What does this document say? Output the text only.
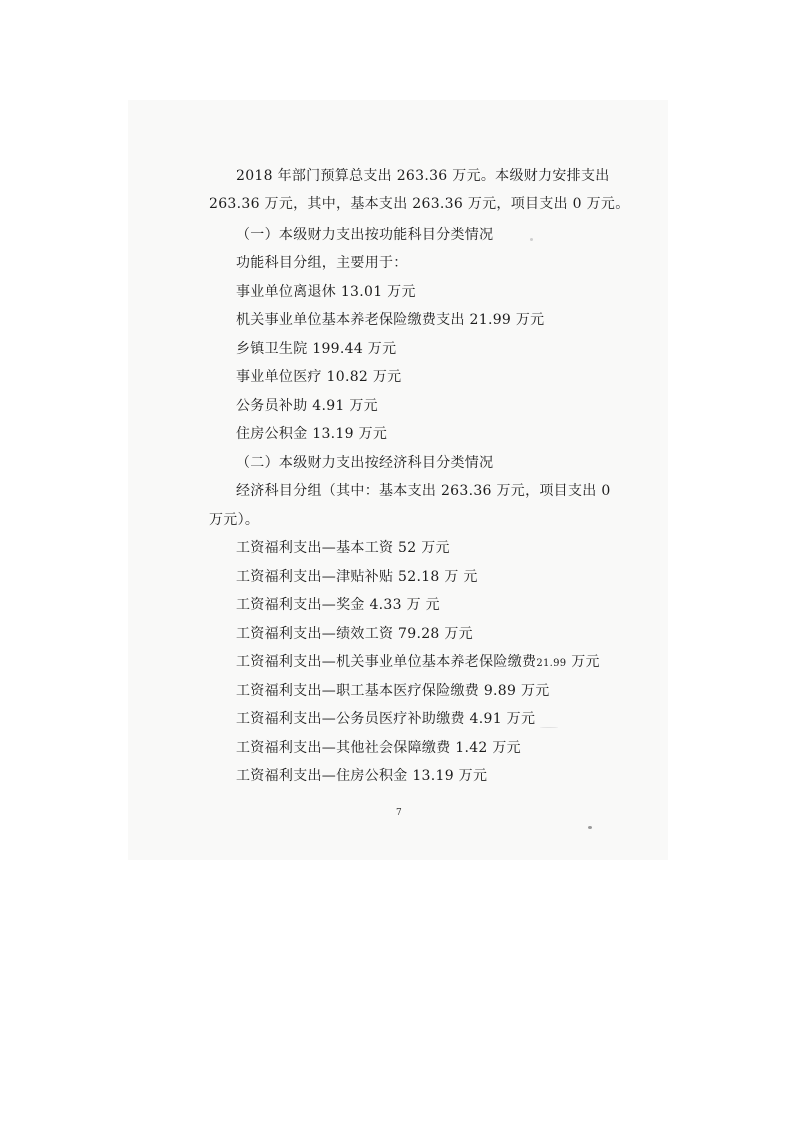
2018 年部门预算总支出 263.36 万元。本级财力安排支出
263.36 万元，其中，基本支出 263.36 万元，项目支出 0 万元。
（一）本级财力支出按功能科目分类情况
功能科目分组，主要用于：
事业单位离退休 13.01 万元
机关事业单位基本养老保险缴费支出 21.99 万元
乡镇卫生院 199.44 万元
事业单位医疗 10.82 万元
公务员补助 4.91 万元
住房公积金 13.19 万元
（二）本级财力支出按经济科目分类情况
经济科目分组（其中：基本支出 263.36 万元，项目支出 0
万元）。
工资福利支出—基本工资 52 万元
工资福利支出—津贴补贴 52.18 万 元
工资福利支出—奖金 4.33 万 元
工资福利支出—绩效工资 79.28 万元
工资福利支出—机关事业单位基本养老保险缴费21.99 万元
工资福利支出—职工基本医疗保险缴费 9.89 万元
工资福利支出—公务员医疗补助缴费 4.91 万元
工资福利支出—其他社会保障缴费 1.42 万元
工资福利支出—住房公积金 13.19 万元
7
